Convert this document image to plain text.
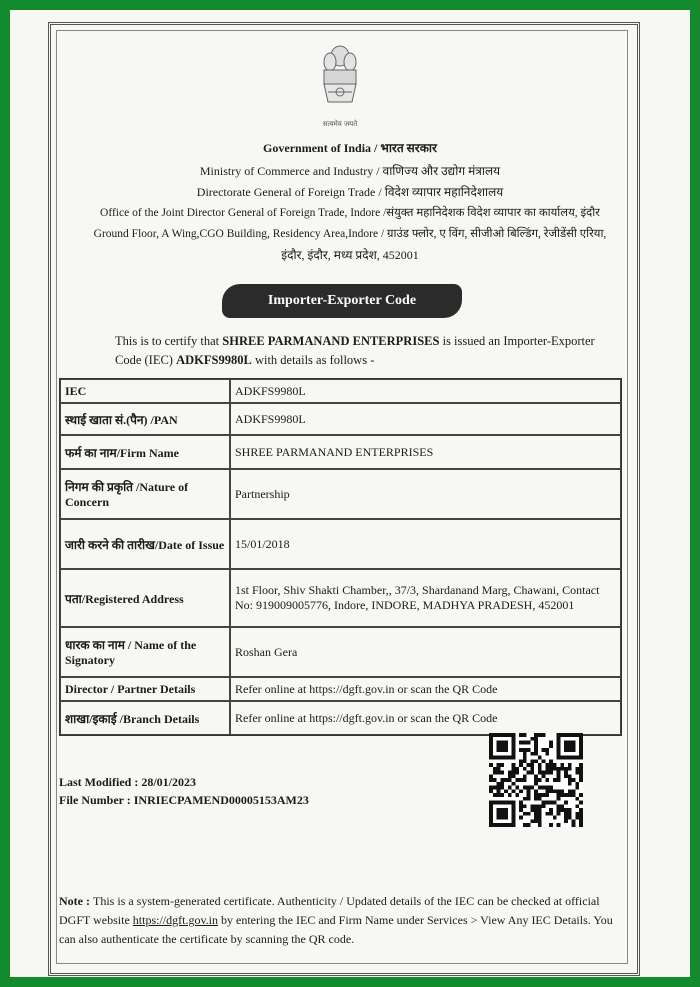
सत्यमेव जयते
Government of India / भारत सरकार
Ministry of Commerce and Industry / वाणिज्य और उद्योग मंत्रालय
Directorate General of Foreign Trade / विदेश व्यापार महानिदेशालय
Office of the Joint Director General of Foreign Trade, Indore /संयुक्त महानिदेशक विदेश व्यापार का कार्यालय, इंदौर
Ground Floor, A Wing,CGO Building, Residency Area,Indore / ग्राउंड फ्लोर, ए विंग, सीजीओ बिल्डिंग, रेजीडेंसी एरिया,
इंदौर, इंदौर, मध्य प्रदेश, 452001
Importer-Exporter Code
This is to certify that SHREE PARMANAND ENTERPRISES is issued an Importer-Exporter Code (IEC) ADKFS9980L with details as follows -
IEC	ADKFS9980L
स्थाई खाता सं.(पैन) /PAN	ADKFS9980L
फर्म का नाम/Firm Name	SHREE PARMANAND ENTERPRISES
निगम की प्रकृति /Nature of Concern	Partnership
जारी करने की तारीख/Date of Issue	15/01/2018
पता/Registered Address	1st Floor, Shiv Shakti Chamber,, 37/3, Shardanand Marg, Chawani, Contact No: 919009005776, Indore, INDORE, MADHYA PRADESH, 452001
धारक का नाम / Name of the Signatory	Roshan Gera
Director / Partner Details	Refer online at https://dgft.gov.in or scan the QR Code
शाखा/इकाई /Branch Details	Refer online at https://dgft.gov.in or scan the QR Code
Last Modified : 28/01/2023
File Number : INRIECPAMEND00005153AM23
Note : This is a system-generated certificate. Authenticity / Updated details of the IEC can be checked at official DGFT website https://dgft.gov.in by entering the IEC and Firm Name under Services > View Any IEC Details. You can also authenticate the certificate by scanning the QR code.
